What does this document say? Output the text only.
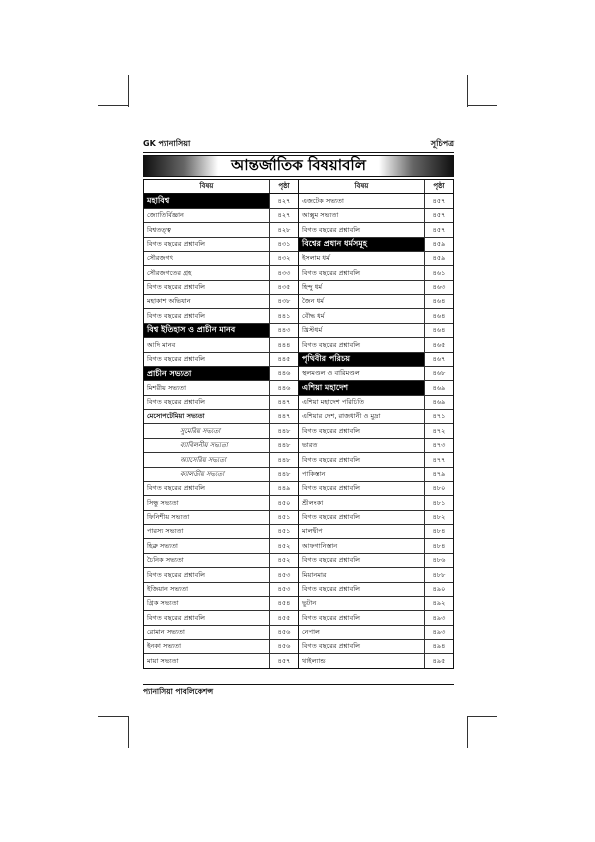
GK প্যানাসিয়া	সূচিপত্র
আন্তর্জাতিক বিষয়াবলি
বিষয়	পৃষ্ঠা
মহাবিশ্ব	৪২৭
জ্যোতির্বিজ্ঞান	৪২৭
বিশ্বতত্ত্ব	৪২৮
বিগত বছরের প্রশ্নাবলি	৪৩১
সৌরজগৎ	৪৩২
সৌরজগতের গ্রহ	৪৩৩
বিগত বছরের প্রশ্নাবলি	৪৩৫
মহাকাশ অভিযান	৪৩৮
বিগত বছরের প্রশ্নাবলি	৪৪১
বিশ্ব ইতিহাস ও প্রাচীন মানব	৪৪৩
আদি মানব	৪৪৪
বিগত বছরের প্রশ্নাবলি	৪৪৫
প্রাচীন সভ্যতা	৪৪৬
মিশরীয় সভ্যতা	৪৪৬
বিগত বছরের প্রশ্নাবলি	৪৪৭
মেসোপটেমিয়া সভ্যতা	৪৪৭
সুমেরিয় সভ্যতা	৪৪৮
ব্যাবিলনীয় সভ্যতা	৪৪৮
অ্যাসেরিয় সভ্যতা	৪৪৮
ক্যালডীয় সভ্যতা	৪৪৮
বিগত বছরের প্রশ্নাবলি	৪৪৯
সিন্ধু সভ্যতা	৪৫০
ফিনিশীয় সভ্যতা	৪৫১
পারস্য সভ্যতা	৪৫১
হিব্রু সভ্যতা	৪৫২
চৈনিক সভ্যতা	৪৫২
বিগত বছরের প্রশ্নাবলি	৪৫৩
ইজিয়ান সভ্যতা	৪৫৩
গ্রিক সভ্যতা	৪৫৪
বিগত বছরের প্রশ্নাবলি	৪৫৫
রোমান সভ্যতা	৪৫৬
ইনকা সভ্যতা	৪৫৬
মায়া সভ্যতা	৪৫৭
বিষয়	পৃষ্ঠা
এজটেক সভ্যতা	৪৫৭
আক্সুম সভ্যতা	৪৫৭
বিগত বছরের প্রশ্নাবলি	৪৫৭
বিশ্বের প্রধান ধর্মসমূহ	৪৫৯
ইসলাম ধর্ম	৪৫৯
বিগত বছরের প্রশ্নাবলি	৪৬১
হিন্দু ধর্ম	৪৬৩
জৈন ধর্ম	৪৬৪
বৌদ্ধ ধর্ম	৪৬৪
খ্রিস্টধর্ম	৪৬৪
বিগত বছরের প্রশ্নাবলি	৪৬৫
পৃথিবীর পরিচয়	৪৬৭
স্থলমণ্ডল ও বারিমণ্ডল	৪৬৮
এশিয়া মহাদেশ	৪৬৯
এশিয়া মহাদেশ পরিচিতি	৪৬৯
এশিয়ার দেশ, রাজধানী ও মুদ্রা	৪৭১
বিগত বছরের প্রশ্নাবলি	৪৭২
ভারত	৪৭৩
বিগত বছরের প্রশ্নাবলি	৪৭৭
পাকিস্তান	৪৭৯
বিগত বছরের প্রশ্নাবলি	৪৮০
শ্রীলংকা	৪৮১
বিগত বছরের প্রশ্নাবলি	৪৮২
মালদ্বীপ	৪৮৪
আফগানিস্তান	৪৮৪
বিগত বছরের প্রশ্নাবলি	৪৮৬
মিয়ানমার	৪৮৮
বিগত বছরের প্রশ্নাবলি	৪৯০
ভুটান	৪৯২
বিগত বছরের প্রশ্নাবলি	৪৯৩
নেপাল	৪৯৩
বিগত বছরের প্রশ্নাবলি	৪৯৪
থাইল্যান্ড	৪৯৫
প্যানাসিয়া পাবলিকেশন্স
